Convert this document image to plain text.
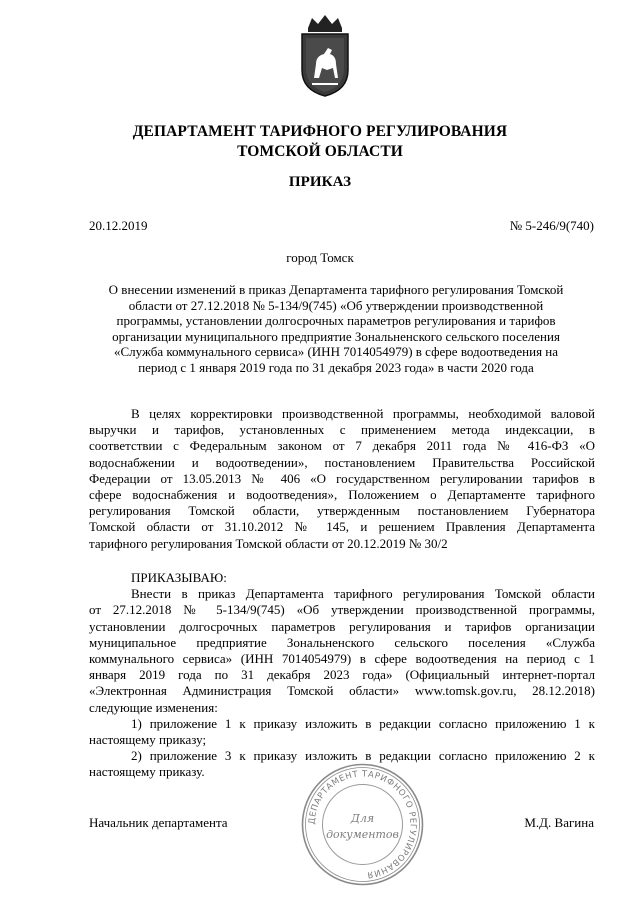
ДЕПАРТАМЕНТ ТАРИФНОГО РЕГУЛИРОВАНИЯ
ТОМСКОЙ ОБЛАСТИ
ПРИКАЗ
20.12.2019	№ 5-246/9(740)
город Томск
О внесении изменений в приказ Департамента тарифного регулирования Томской
области от 27.12.2018 № 5-134/9(745) «Об утверждении производственной
программы, установлении долгосрочных параметров регулирования и тарифов
организации муниципального предприятие Зональненского сельского поселения
«Служба коммунального сервиса» (ИНН 7014054979) в сфере водоотведения на
период с 1 января 2019 года по 31 декабря 2023 года» в части 2020 года
В целях корректировки производственной программы, необходимой валовой
выручки и тарифов, установленных с применением метода индексации, в
соответствии с Федеральным законом от 7 декабря 2011 года № 416-ФЗ «О
водоснабжении и водоотведении», постановлением Правительства Российской
Федерации от 13.05.2013 № 406 «О государственном регулировании тарифов в
сфере водоснабжения и водоотведения», Положением о Департаменте тарифного
регулирования Томской области, утвержденным постановлением Губернатора
Томской области от 31.10.2012 № 145, и решением Правления Департамента
тарифного регулирования Томской области от 20.12.2019 № 30/2
ПРИКАЗЫВАЮ:
Внести в приказ Департамента тарифного регулирования Томской области
от 27.12.2018 № 5-134/9(745) «Об утверждении производственной программы,
установлении долгосрочных параметров регулирования и тарифов организации
муниципальное предприятие Зональненского сельского поселения «Служба
коммунального сервиса» (ИНН 7014054979) в сфере водоотведения на период с 1
января 2019 года по 31 декабря 2023 года» (Официальный интернет-портал
«Электронная Администрация Томской области» www.tomsk.gov.ru, 28.12.2018)
следующие изменения:
1) приложение 1 к приказу изложить в редакции согласно приложению 1 к
настоящему приказу;
2) приложение 3 к приказу изложить в редакции согласно приложению 2 к
настоящему приказу.
ДЕПАРТАМЕНТ ТАРИФНОГО РЕГУЛИРОВАНИЯ
Для
документов
Начальник департамента	М.Д. Вагина
